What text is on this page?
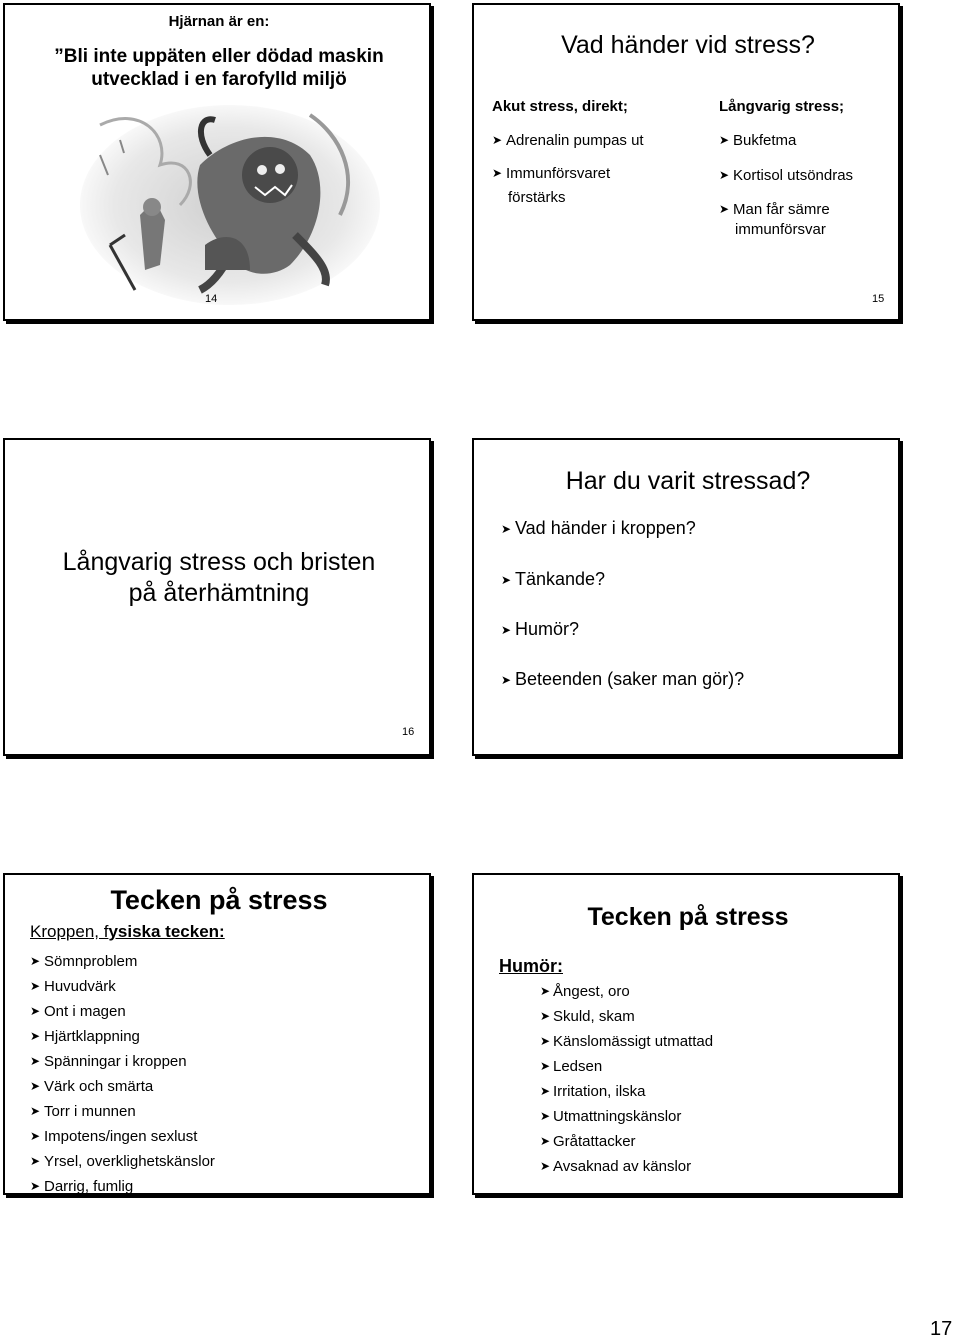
Hjärnan är en:
”Bli inte uppäten eller dödad maskin
utvecklad i en farofylld miljö
14
Vad händer vid stress?
Akut stress, direkt;
➤ Adrenalin pumpas ut
➤ Immunförsvaret
förstärks
Långvarig stress;
➤ Bukfetma
➤ Kortisol utsöndras
➤ Man får sämre
immunförsvar
15
Långvarig stress och bristen
på återhämtning
16
Har du varit stressad?
➤ Vad händer i kroppen?
➤ Tänkande?
➤ Humör?
➤ Beteenden (saker man gör)?
Tecken på stress
Kroppen, fysiska tecken:
➤ Sömnproblem
➤ Huvudvärk
➤ Ont i magen
➤ Hjärtklappning
➤ Spänningar i kroppen
➤ Värk och smärta
➤ Torr i munnen
➤ Impotens/ingen sexlust
➤ Yrsel, overklighetskänslor
➤ Darrig, fumlig
Tecken på stress
Humör:
➤ Ångest, oro
➤ Skuld, skam
➤ Känslomässigt utmattad
➤ Ledsen
➤ Irritation, ilska
➤ Utmattningskänslor
➤ Gråtattacker
➤ Avsaknad av känslor
17
